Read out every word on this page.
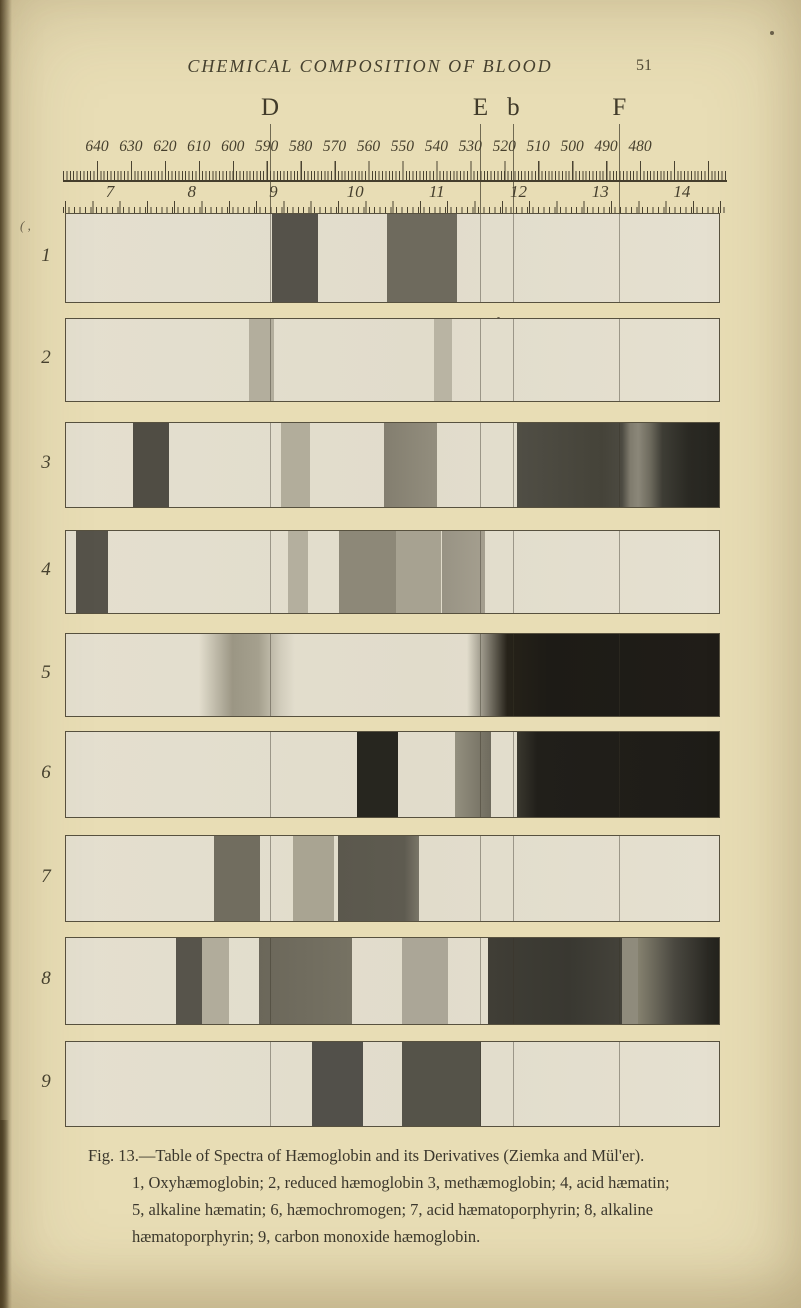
( ,
CHEMICAL COMPOSITION OF BLOOD	51
D	E b	F
640 630 620 610 600 590 580 570 560 550 540 530 520 510 500 490 480
7	8	9	10	11	12	13	14
1
2
3
4
5
6
7
8
9
Fig. 13.—Table of Spectra of Hæmoglobin and its Derivatives (Ziemka and Mül'er).
1, Oxyhæmoglobin; 2, reduced hæmoglobin 3, methæmoglobin; 4, acid hæmatin;
5, alkaline hæmatin; 6, hæmochromogen; 7, acid hæmatoporphyrin; 8, alkaline
hæmatoporphyrin; 9, carbon monoxide hæmoglobin.
